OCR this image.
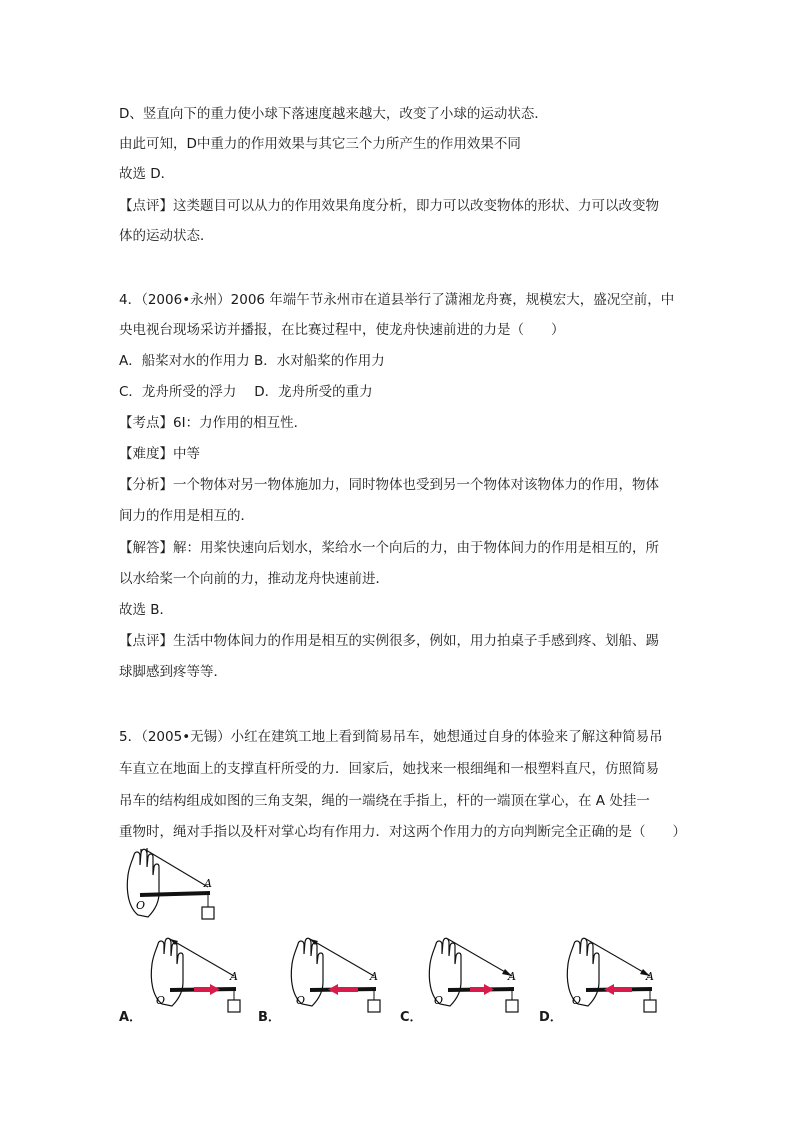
D、竖直向下的重力使小球下落速度越来越大，改变了小球的运动状态．
由此可知，D中重力的作用效果与其它三个力所产生的作用效果不同
故选 D．
【点评】这类题目可以从力的作用效果角度分析，即力可以改变物体的形状、力可以改变物
体的运动状态．
4．（2006•永州）2006 年端午节永州市在道县举行了潇湘龙舟赛，规模宏大，盛况空前，中
央电视台现场采访并播报，在比赛过程中，使龙舟快速前进的力是（　　）
A．船桨对水的作用力 B．水对船桨的作用力
C．龙舟所受的浮力　 D．龙舟所受的重力
【考点】6I：力作用的相互性．
【难度】中等
【分析】一个物体对另一物体施加力，同时物体也受到另一个物体对该物体力的作用，物体
间力的作用是相互的．
【解答】解：用桨快速向后划水，桨给水一个向后的力，由于物体间力的作用是相互的，所
以水给桨一个向前的力，推动龙舟快速前进．
故选 B．
【点评】生活中物体间力的作用是相互的实例很多，例如，用力拍桌子手感到疼、划船、踢
球脚感到疼等等．
5．（2005•无锡）小红在建筑工地上看到简易吊车，她想通过自身的体验来了解这种简易吊
车直立在地面上的支撑直杆所受的力．回家后，她找来一根细绳和一根塑料直尺，仿照简易
吊车的结构组成如图的三角支架，绳的一端绕在手指上，杆的一端顶在掌心，在 A 处挂一
重物时，绳对手指以及杆对掌心均有作用力．对这两个作用力的方向判断完全正确的是（　　）
A
O
A
O
A
O
A
O
A
O
A．	B．	C．	D．
